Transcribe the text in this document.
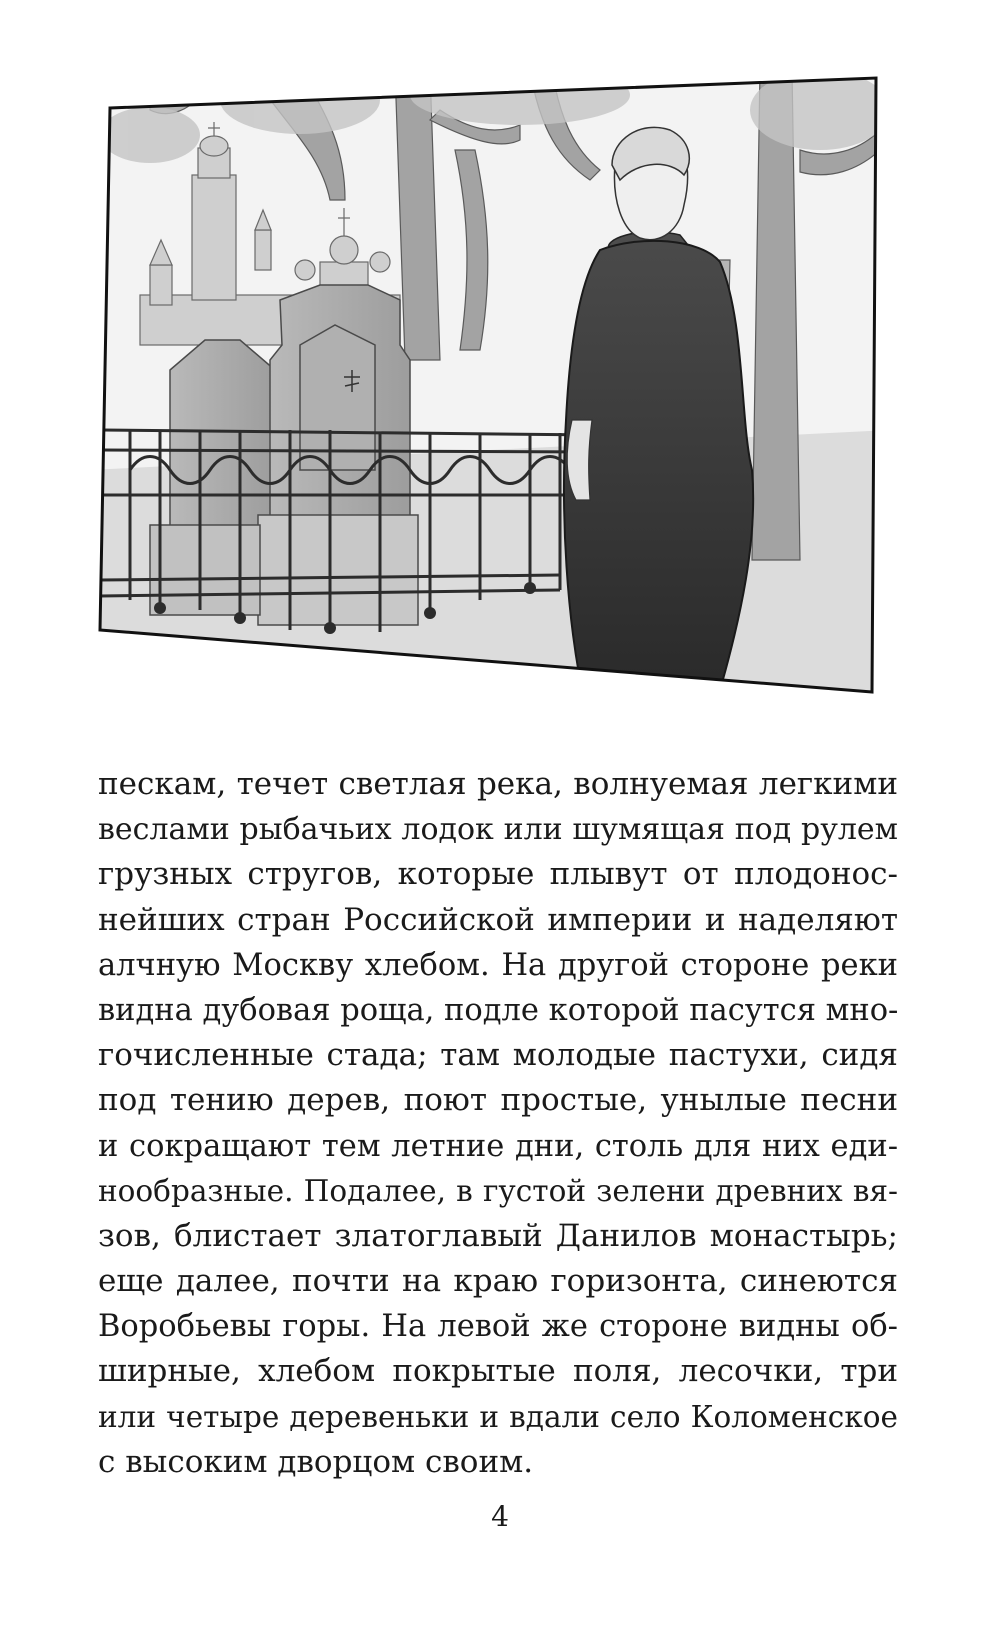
пескам, течет светлая река, волнуемая легкими
веслами рыбачьих лодок или шумящая под рулем
грузных стругов, которые плывут от плодонос-
нейших стран Российской империи и наделяют
алчную Москву хлебом. На другой стороне реки
видна дубовая роща, подле которой пасутся мно-
гочисленные стада; там молодые пастухи, сидя
под тению дерев, поют простые, унылые песни
и сокращают тем летние дни, столь для них еди-
нообразные. Подалее, в густой зелени древних вя-
зов, блистает златоглавый Данилов монастырь;
еще далее, почти на краю горизонта, синеются
Воробьевы горы. На левой же стороне видны об-
ширные, хлебом покрытые поля, лесочки, три
или четыре деревеньки и вдали село Коломенское
с высоким дворцом своим.
4
